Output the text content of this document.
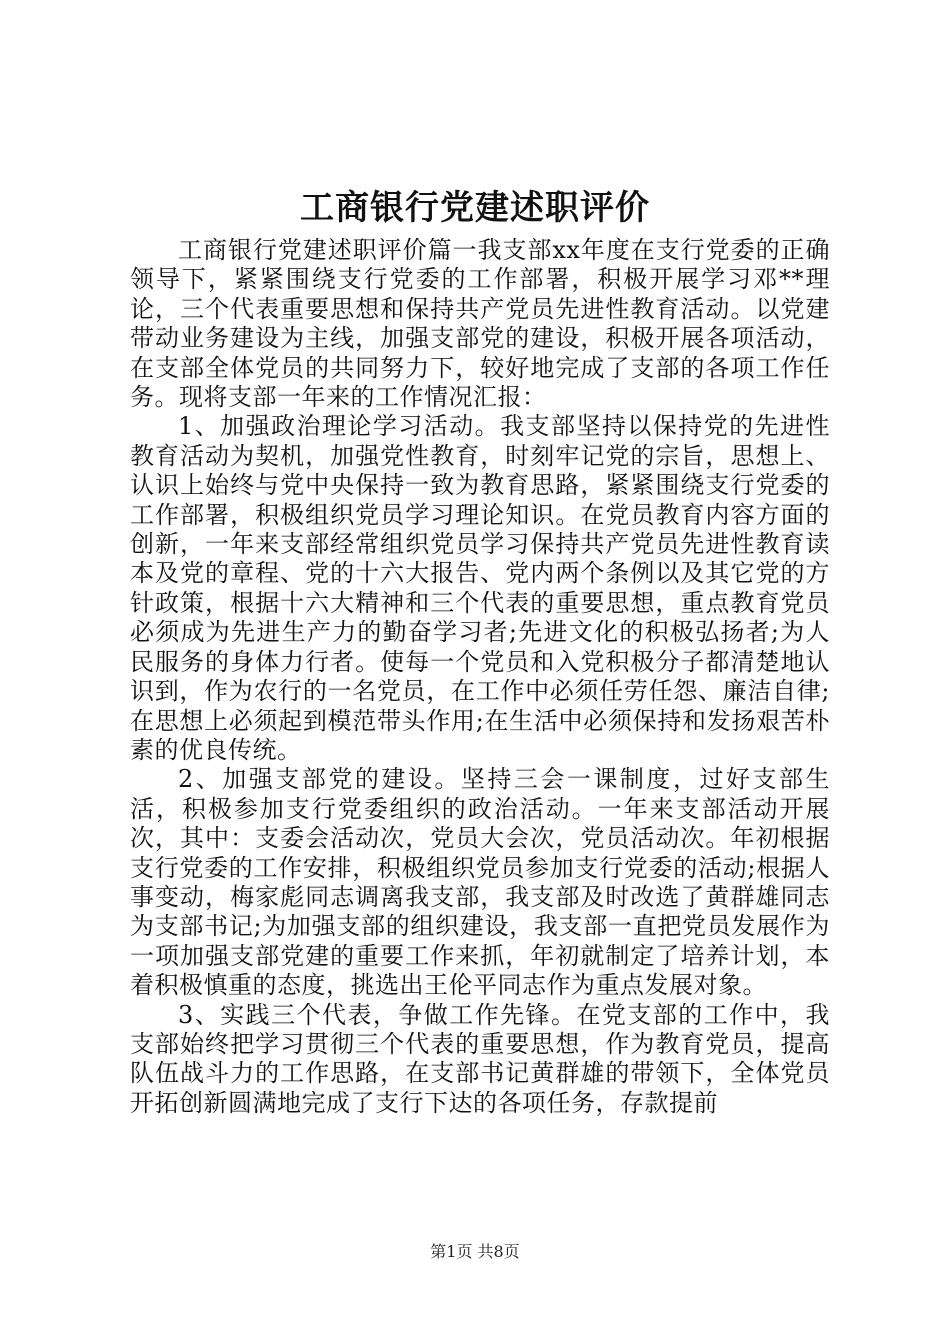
工商银行党建述职评价

工商银行党建述职评价篇一我支部xx年度在支行党委的正确领导下，紧紧围绕支行党委的工作部署，积极开展学习邓**理论，三个代表重要思想和保持共产党员先进性教育活动。以党建带动业务建设为主线，加强支部党的建设，积极开展各项活动，在支部全体党员的共同努力下，较好地完成了支部的各项工作任务。现将支部一年来的工作情况汇报：

1、加强政治理论学习活动。我支部坚持以保持党的先进性教育活动为契机，加强党性教育，时刻牢记党的宗旨，思想上、认识上始终与党中央保持一致为教育思路，紧紧围绕支行党委的工作部署，积极组织党员学习理论知识。在党员教育内容方面的创新，一年来支部经常组织党员学习保持共产党员先进性教育读本及党的章程、党的十六大报告、党内两个条例以及其它党的方针政策，根据十六大精神和三个代表的重要思想，重点教育党员必须成为先进生产力的勤奋学习者;先进文化的积极弘扬者;为人民服务的身体力行者。使每一个党员和入党积极分子都清楚地认识到，作为农行的一名党员，在工作中必须任劳任怨、廉洁自律;在思想上必须起到模范带头作用;在生活中必须保持和发扬艰苦朴素的优良传统。

2、加强支部党的建设。坚持三会一课制度，过好支部生活，积极参加支行党委组织的政治活动。一年来支部活动开展次，其中：支委会活动次，党员大会次，党员活动次。年初根据支行党委的工作安排，积极组织党员参加支行党委的活动;根据人事变动，梅家彪同志调离我支部，我支部及时改选了黄群雄同志为支部书记;为加强支部的组织建设，我支部一直把党员发展作为一项加强支部党建的重要工作来抓，年初就制定了培养计划，本着积极慎重的态度，挑选出王伦平同志作为重点发展对象。

3、实践三个代表，争做工作先锋。在党支部的工作中，我支部始终把学习贯彻三个代表的重要思想，作为教育党员，提高队伍战斗力的工作思路，在支部书记黄群雄的带领下，全体党员开拓创新圆满地完成了支行下达的各项任务，存款提前

第1页 共8页
